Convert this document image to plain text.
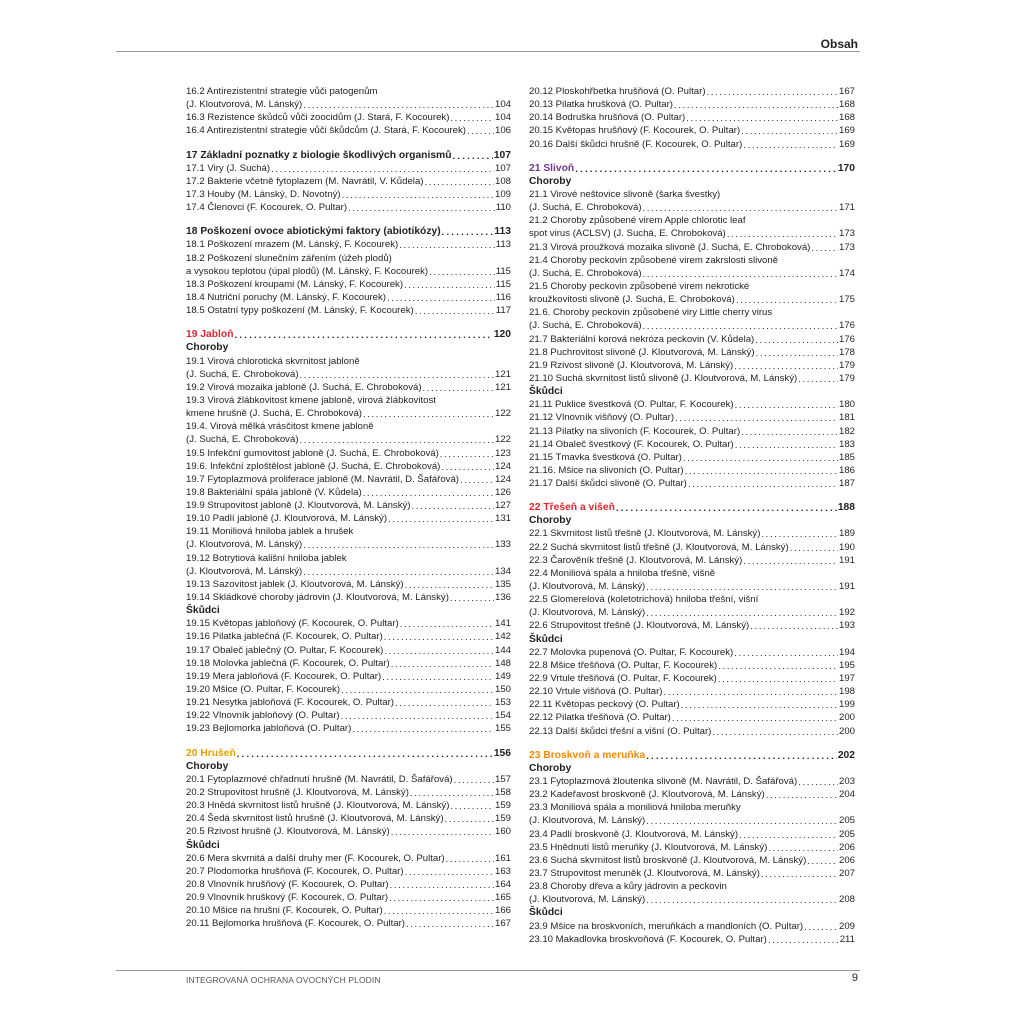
Obsah
16.2 Antirezistentní strategie vůči patogenům
(J. Kloutvorová, M. Lánský) .....	104
16.3 Rezistence škůdců vůči zoocidům (J. Stará, F. Kocourek) .....	104
16.4 Antirezistentní strategie vůči škůdcům (J. Stará, F. Kocourek) .....	106
17 Základní poznatky z biologie škodlivých organismů .....	107
17.1 Viry (J. Suchá) .....	107
17.2 Bakterie včetně fytoplazem (M. Navrátil, V. Kůdela) .....	108
17.3 Houby (M. Lánský, D. Novotný) .....	109
17.4 Členovci (F. Kocourek, O. Pultar) .....	110
18 Poškození ovoce abiotickými faktory (abiotikózy) .....	113
18.1 Poškození mrazem (M. Lánský, F. Kocourek) .....	113
18.2 Poškození slunečním zářením (úžeh plodů)
a vysokou teplotou (úpal plodů) (M. Lánský, F. Kocourek) .....	115
18.3 Poškození kroupami (M. Lánský, F. Kocourek) .....	115
18.4 Nutriční poruchy (M. Lánský, F. Kocourek) .....	116
18.5 Ostatní typy poškození (M. Lánský, F. Kocourek) .....	117
19 Jabloň .....	120
Choroby
19.1 Virová chlorotická skvrnitost jabloně
(J. Suchá, E. Chroboková) .....	121
19.2 Virová mozaika jabloně (J. Suchá, E. Chroboková) .....	121
19.3 Virová žlábkovitost kmene jabloně, virová žlábkovitost
kmene hrušně (J. Suchá, E. Chroboková) .....	122
19.4. Virová mělká vrásčitost kmene jabloně
(J. Suchá, E. Chroboková) .....	122
19.5 Infekční gumovitost jabloně (J. Suchá, E. Chroboková) .....	123
19.6. Infekční zploštělost jabloně (J. Suchá, E. Chroboková) .....	124
19.7 Fytoplazmová proliferace jabloně (M. Navrátil, D. Šafářová) .....	124
19.8 Bakteriální spála jabloně (V. Kůdela) .....	126
19.9 Strupovitost jabloně (J. Kloutvorová, M. Lánský) .....	127
19.10 Padlí jabloně (J. Kloutvorová, M. Lánský) .....	131
19.11 Moniliová hniloba jablek a hrušek
(J. Kloutvorová, M. Lánský) .....	133
19.12 Botrytiová kališní hniloba jablek
(J. Kloutvorová, M. Lánský) .....	134
19.13 Sazovitost jablek (J. Kloutvorová, M. Lánský) .....	135
19.14 Skládkové choroby jádrovin (J. Kloutvorová, M. Lánský) .....	136
Škůdci
19.15 Květopas jabloňový (F. Kocourek, O. Pultar) .....	141
19.16 Pilatka jablečná (F. Kocourek, O. Pultar) .....	142
19.17 Obaleč jablečný (O. Pultar, F. Kocourek) .....	144
19.18 Molovka jablečná (F. Kocourek, O. Pultar) .....	148
19.19 Mera jabloňová (F. Kocourek, O. Pultar) .....	149
19.20 Mšice (O. Pultar, F. Kocourek) .....	150
19.21 Nesytka jabloňová (F. Kocourek, O. Pultar) .....	153
19.22 Vlnovník jabloňový (O. Pultar) .....	154
19.23 Bejlomorka jabloňová (O. Pultar) .....	155
20 Hrušeň .....	156
Choroby
20.1 Fytoplazmové chřadnutí hrušně (M. Navrátil, D. Šafářová) .....	157
20.2 Strupovitost hrušně (J. Kloutvorová, M. Lánský) .....	158
20.3 Hnědá skvrnitost listů hrušně (J. Kloutvorová, M. Lánský) .....	159
20.4 Šedá skvrnitost listů hrušně (J. Kloutvorová, M. Lánský) .....	159
20.5 Rzivost hrušně (J. Kloutvorová, M. Lánský) .....	160
Škůdci
20.6 Mera skvrnitá a další druhy mer (F. Kocourek, O. Pultar) .....	161
20.7 Plodomorka hrušňová (F. Kocourek, O. Pultar) .....	163
20.8 Vlnovník hrušňový (F. Kocourek, O. Pultar) .....	164
20.9 Vlnovník hruškový (F. Kocourek, O. Pultar) .....	165
20.10 Mšice na hrušni (F. Kocourek, O. Pultar) .....	166
20.11 Bejlomorka hrušňová (F. Kocourek, O. Pultar) .....	167
20.12 Ploskohřbetka hrušňová (O. Pultar) .....	167
20.13 Pilatka hrušková (O. Pultar) .....	168
20.14 Bodruška hrušňová (O. Pultar) .....	168
20.15 Květopas hrušňový (F. Kocourek, O. Pultar) .....	169
20.16 Další škůdci hrušně (F. Kocourek, O. Pultar) .....	169
21 Slivoň .....	170
Choroby
21.1 Virové neštovice slivoně (šarka švestky)
(J. Suchá, E. Chroboková) .....	171
21.2 Choroby způsobené virem Apple chlorotic leaf
spot virus (ACLSV) (J. Suchá, E. Chroboková) .....	173
21.3 Virová proužková mozaika slivoně (J. Suchá, E. Chroboková) .....	173
21.4 Choroby peckovin způsobené virem zakrslosti slivoně
(J. Suchá, E. Chroboková) .....	174
21.5 Choroby peckovin způsobené virem nekrotické
kroužkovitosti slivoně (J. Suchá, E. Chroboková) .....	175
21.6. Choroby peckovin způsobené viry Little cherry virus
(J. Suchá, E. Chroboková) .....	176
21.7 Bakteriální korová nekróza peckovin (V. Kůdela) .....	176
21.8 Puchrovitost slivoně (J. Kloutvorová, M. Lánský) .....	178
21.9 Rzivost slivoně (J. Kloutvorová, M. Lánský) .....	179
21.10 Suchá skvrnitost listů slivoně (J. Kloutvorová, M. Lánský) .....	179
Škůdci
21.11 Puklice švestková (O. Pultar, F. Kocourek) .....	180
21.12 Vlnovník višňový (O. Pultar) .....	181
21.13 Pilatky na slivoních (F. Kocourek, O. Pultar) .....	182
21.14 Obaleč švestkový (F. Kocourek, O. Pultar) .....	183
21.15 Tmavka švestková (O. Pultar) .....	185
21.16. Mšice na slivoních (O. Pultar) .....	186
21.17 Další škůdci slivoně (O. Pultar) .....	187
22 Třešeň a višeň .....	188
Choroby
22.1 Skvrnitost listů třešně (J. Kloutvorová, M. Lánský) .....	189
22.2 Suchá skvrnitost listů třešně (J. Kloutvorová, M. Lánský) .....	190
22.3 Čarověník třešně (J. Kloutvorová, M. Lánský) .....	191
22.4 Moniliová spála a hniloba třešně, višně
(J. Kloutvorová, M. Lánský) .....	191
22.5 Glomerelová (koletotrichová) hniloba třešní, višní
(J. Kloutvorová, M. Lánský) .....	192
22.6 Strupovitost třešně (J. Kloutvorová, M. Lánský) .....	193
Škůdci
22.7 Molovka pupenová (O. Pultar, F. Kocourek) .....	194
22.8 Mšice třešňová (O. Pultar, F. Kocourek) .....	195
22.9 Vrtule třešňová (O. Pultar, F. Kocourek) .....	197
22.10 Vrtule višňová (O. Pultar) .....	198
22.11 Květopas peckový (O. Pultar) .....	199
22.12 Pilatka třešňová (O. Pultar) .....	200
22.13 Další škůdci třešní a višní (O. Pultar) .....	200
23 Broskvoň a meruňka .....	202
Choroby
23.1 Fytoplazmová žloutenka slivoně (M. Navrátil, D. Šafářová) .....	203
23.2 Kadeřavost broskvoně (J. Kloutvorová, M. Lánský) .....	204
23.3 Moniliová spála a moniliová hniloba meruňky
(J. Kloutvorová, M. Lánský) .....	205
23.4 Padlí broskvoně (J. Kloutvorová, M. Lánský) .....	205
23.5 Hnědnutí listů meruňky (J. Kloutvorová, M. Lánský) .....	206
23.6 Suchá skvrnitost listů broskvoně (J. Kloutvorová, M. Lánský) .....	206
23.7 Strupovitost meruněk (J. Kloutvorová, M. Lánský) .....	207
23.8 Choroby dřeva a kůry jádrovin a peckovin
(J. Kloutvorová, M. Lánský) .....	208
Škůdci
23.9 Mšice na broskvoních, meruňkách a mandloních (O. Pultar) .....	209
23.10 Makadlovka broskvoňová (F. Kocourek, O. Pultar) .....	211
INTEGROVANÁ OCHRANA OVOCNÝCH PLODIN	9
